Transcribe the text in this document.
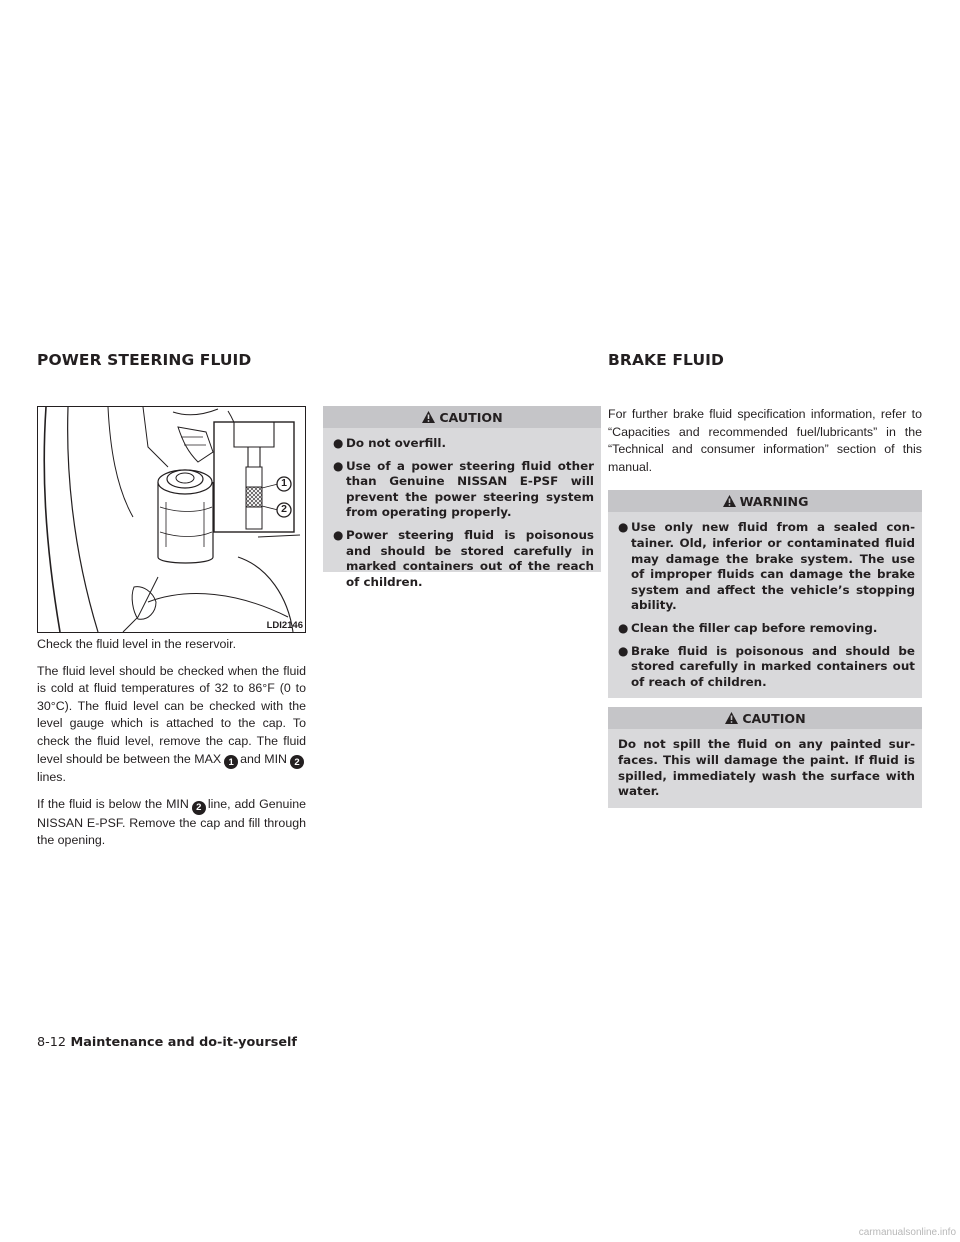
POWER STEERING FLUID	BRAKE FLUID
1
2
LDI2146

Check the fluid level in the reservoir.

The fluid level should be checked when the fluid is cold at fluid temperatures of 32 to 86°F (0 to 30°C). The fluid level can be checked with the level gauge which is attached to the cap. To check the fluid level, remove the cap. The fluid level should be between the MAX 1 and MIN 2lines.

If the fluid is below the MIN 2 line, add Genuine NISSAN E-PSF. Remove the cap and fill through the opening.

CAUTION
● Do not overfill.
● Use of a power steering fluid other than Genuine NISSAN E-PSF will prevent the power steering system from operating properly.
● Power steering fluid is poisonous and should be stored carefully in marked containers out of the reach of children.

For further brake fluid specification information, refer to “Capacities and recommended fuel/lubricants” in the “Technical and consumer information” section of this manual.

WARNING
● Use only new fluid from a sealed container. Old, inferior or contaminated fluid may damage the brake system. The use of improper fluids can damage the brake system and affect the vehicle’s stopping ability.
● Clean the filler cap before removing.
● Brake fluid is poisonous and should be stored carefully in marked containers out of reach of children.
CAUTION
Do not spill the fluid on any painted surfaces. This will damage the paint. If fluid is spilled, immediately wash the surface with water.
8-12 Maintenance and do-it-yourself
carmanualsonline.info
